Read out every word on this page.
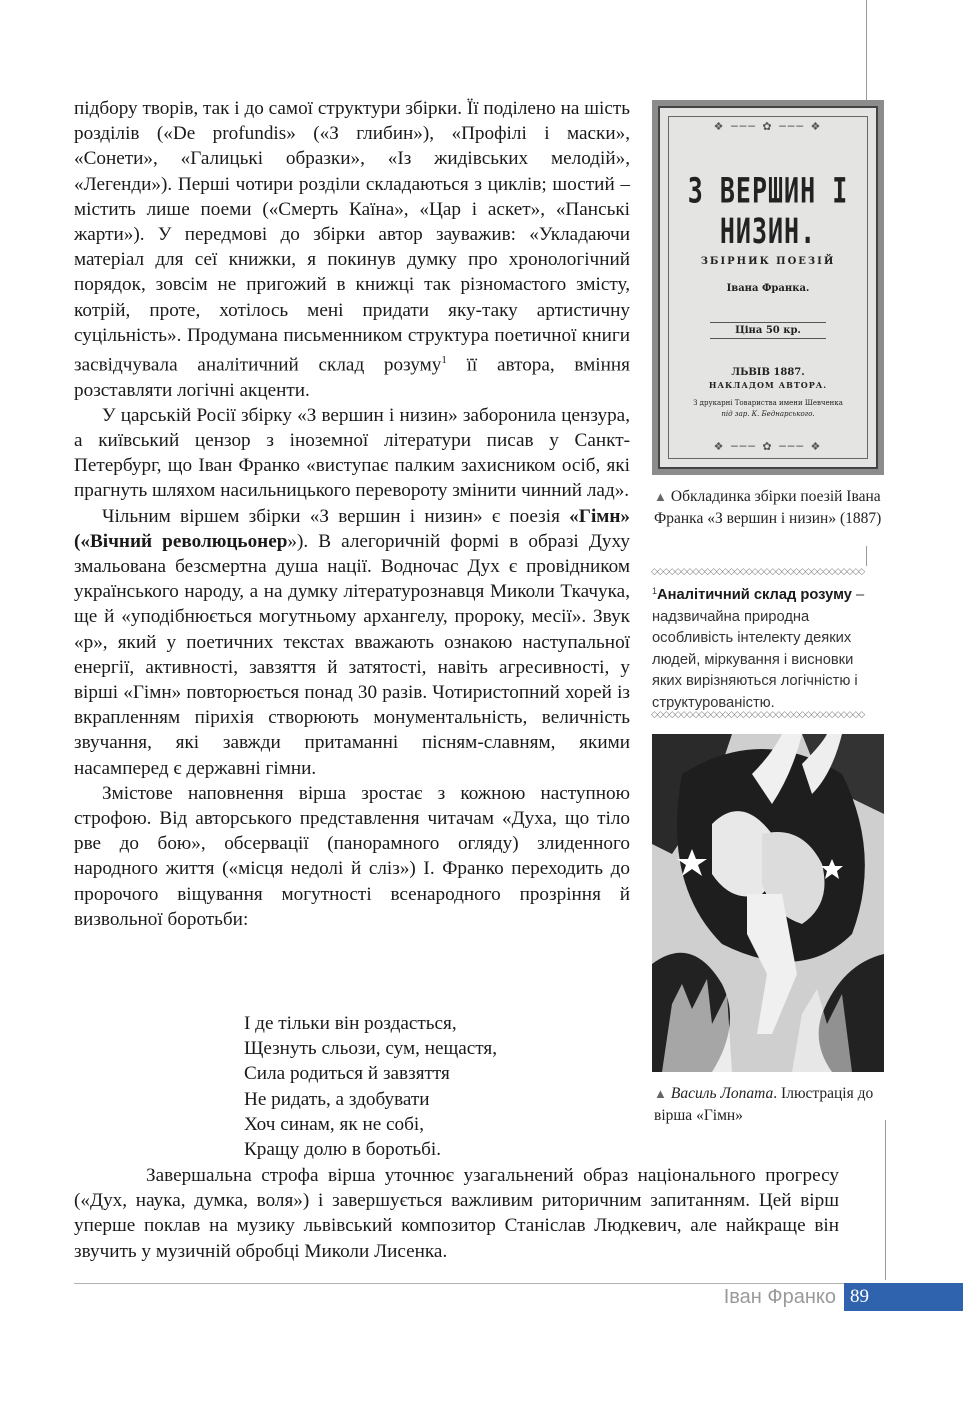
підбору творів, так і до самої структури збірки. Її поділено на шість розділів («De profundis» («З глибин»), «Профілі і маски», «Сонети», «Галицькі образки», «Із жидівських мелодій», «Легенди»). Перші чотири розділи складаються з циклів; шостий – містить лише поеми («Смерть Каїна», «Цар і аскет», «Панські жарти»). У передмові до збірки автор зауважив: «Укладаючи матеріал для сеї книжки, я покинув думку про хронологічний порядок, зовсім не пригожий в книжці так різномастого змісту, котрій, проте, хотілось мені придати яку-таку артистичну суцільність». Продумана письменником структура поетичної книги засвідчувала аналітичний склад розуму$^1$ її автора, вміння розставляти логічні акценти.

У царській Росії збірку «З вершин і низин» заборонила цензура, а київський цензор з іноземної літератури писав у Санкт-Петербург, що Іван Франко «виступає палким захисником осіб, які прагнуть шляхом насильницького перевороту змінити чинний лад».

Чільним віршем збірки «З вершин і низин» є поезія «Гімн» («Вічний революцьонер»). В алегоричній формі в образі Духу змальована безсмертна душа нації. Водночас Дух є провідником українського народу, а на думку літературознавця Миколи Ткачука, ще й «уподібнюється могутньому архангелу, пророку, месії». Звук «р», який у поетичних текстах вважають ознакою наступальної енергії, активності, завзяття й затятості, навіть агресивності, у вірші «Гімн» повторюється понад 30 разів. Чотиристопний хорей із вкрапленням пірихія створюють монументальність, величність звучання, які завжди притаманні пісням-славням, якими насамперед є державні гімни.

Змістове наповнення вірша зростає з кожною наступною строфою. Від авторського представлення читачам «Духа, що тіло рве до бою», обсервації (панорамного огляду) злиденного народного життя («місця недолі й сліз») І. Франко переходить до пророчого віщування могутності всенародного прозріння й визвольної боротьби:

І де тільки він роздасться,
Щезнуть сльози, сум, нещастя,
Сила родиться й завзяття
Не ридать, а здобувати
Хоч синам, як не собі,
Кращу долю в боротьбі.

Завершальна строфа вірша уточнює узагальнений образ національного прогресу («Дух, наука, думка, воля») і завершується важливим риторичним запитанням. Цей вірш уперше поклав на музику львівський композитор Станіслав Людкевич, але найкраще він звучить у музичній обробці Миколи Лисенка.

❖ ─── ✿ ─── ❖
З ВЕРШИН І НИЗИН.
ЗБІРНИК ПОЕЗІЙ
Івана Франка.
Ціна 50 кр.
ЛЬВІВ 1887.
НАКЛАДОМ АВТОРА.
З друкарні Товариства имени Шевченка
під зар. К. Беднарського.
❖ ─── ✿ ─── ❖
▲ Обкладинка збірки поезій Івана Франка «З вершин і низин» (1887)
◇◇◇◇◇◇◇◇◇◇◇◇◇◇◇◇◇◇◇◇◇◇◇◇◇◇◇◇◇◇◇◇◇◇◇◇
$^1$Аналітичний склад розуму – надзвичайна природна особливість інтелекту деяких людей, міркування і висновки яких вирізняються логічністю і структурованістю.
◇◇◇◇◇◇◇◇◇◇◇◇◇◇◇◇◇◇◇◇◇◇◇◇◇◇◇◇◇◇◇◇◇◇◇◇
▲ Василь Лопата. Ілюстрація до вірша «Гімн»
Іван Франко 89
